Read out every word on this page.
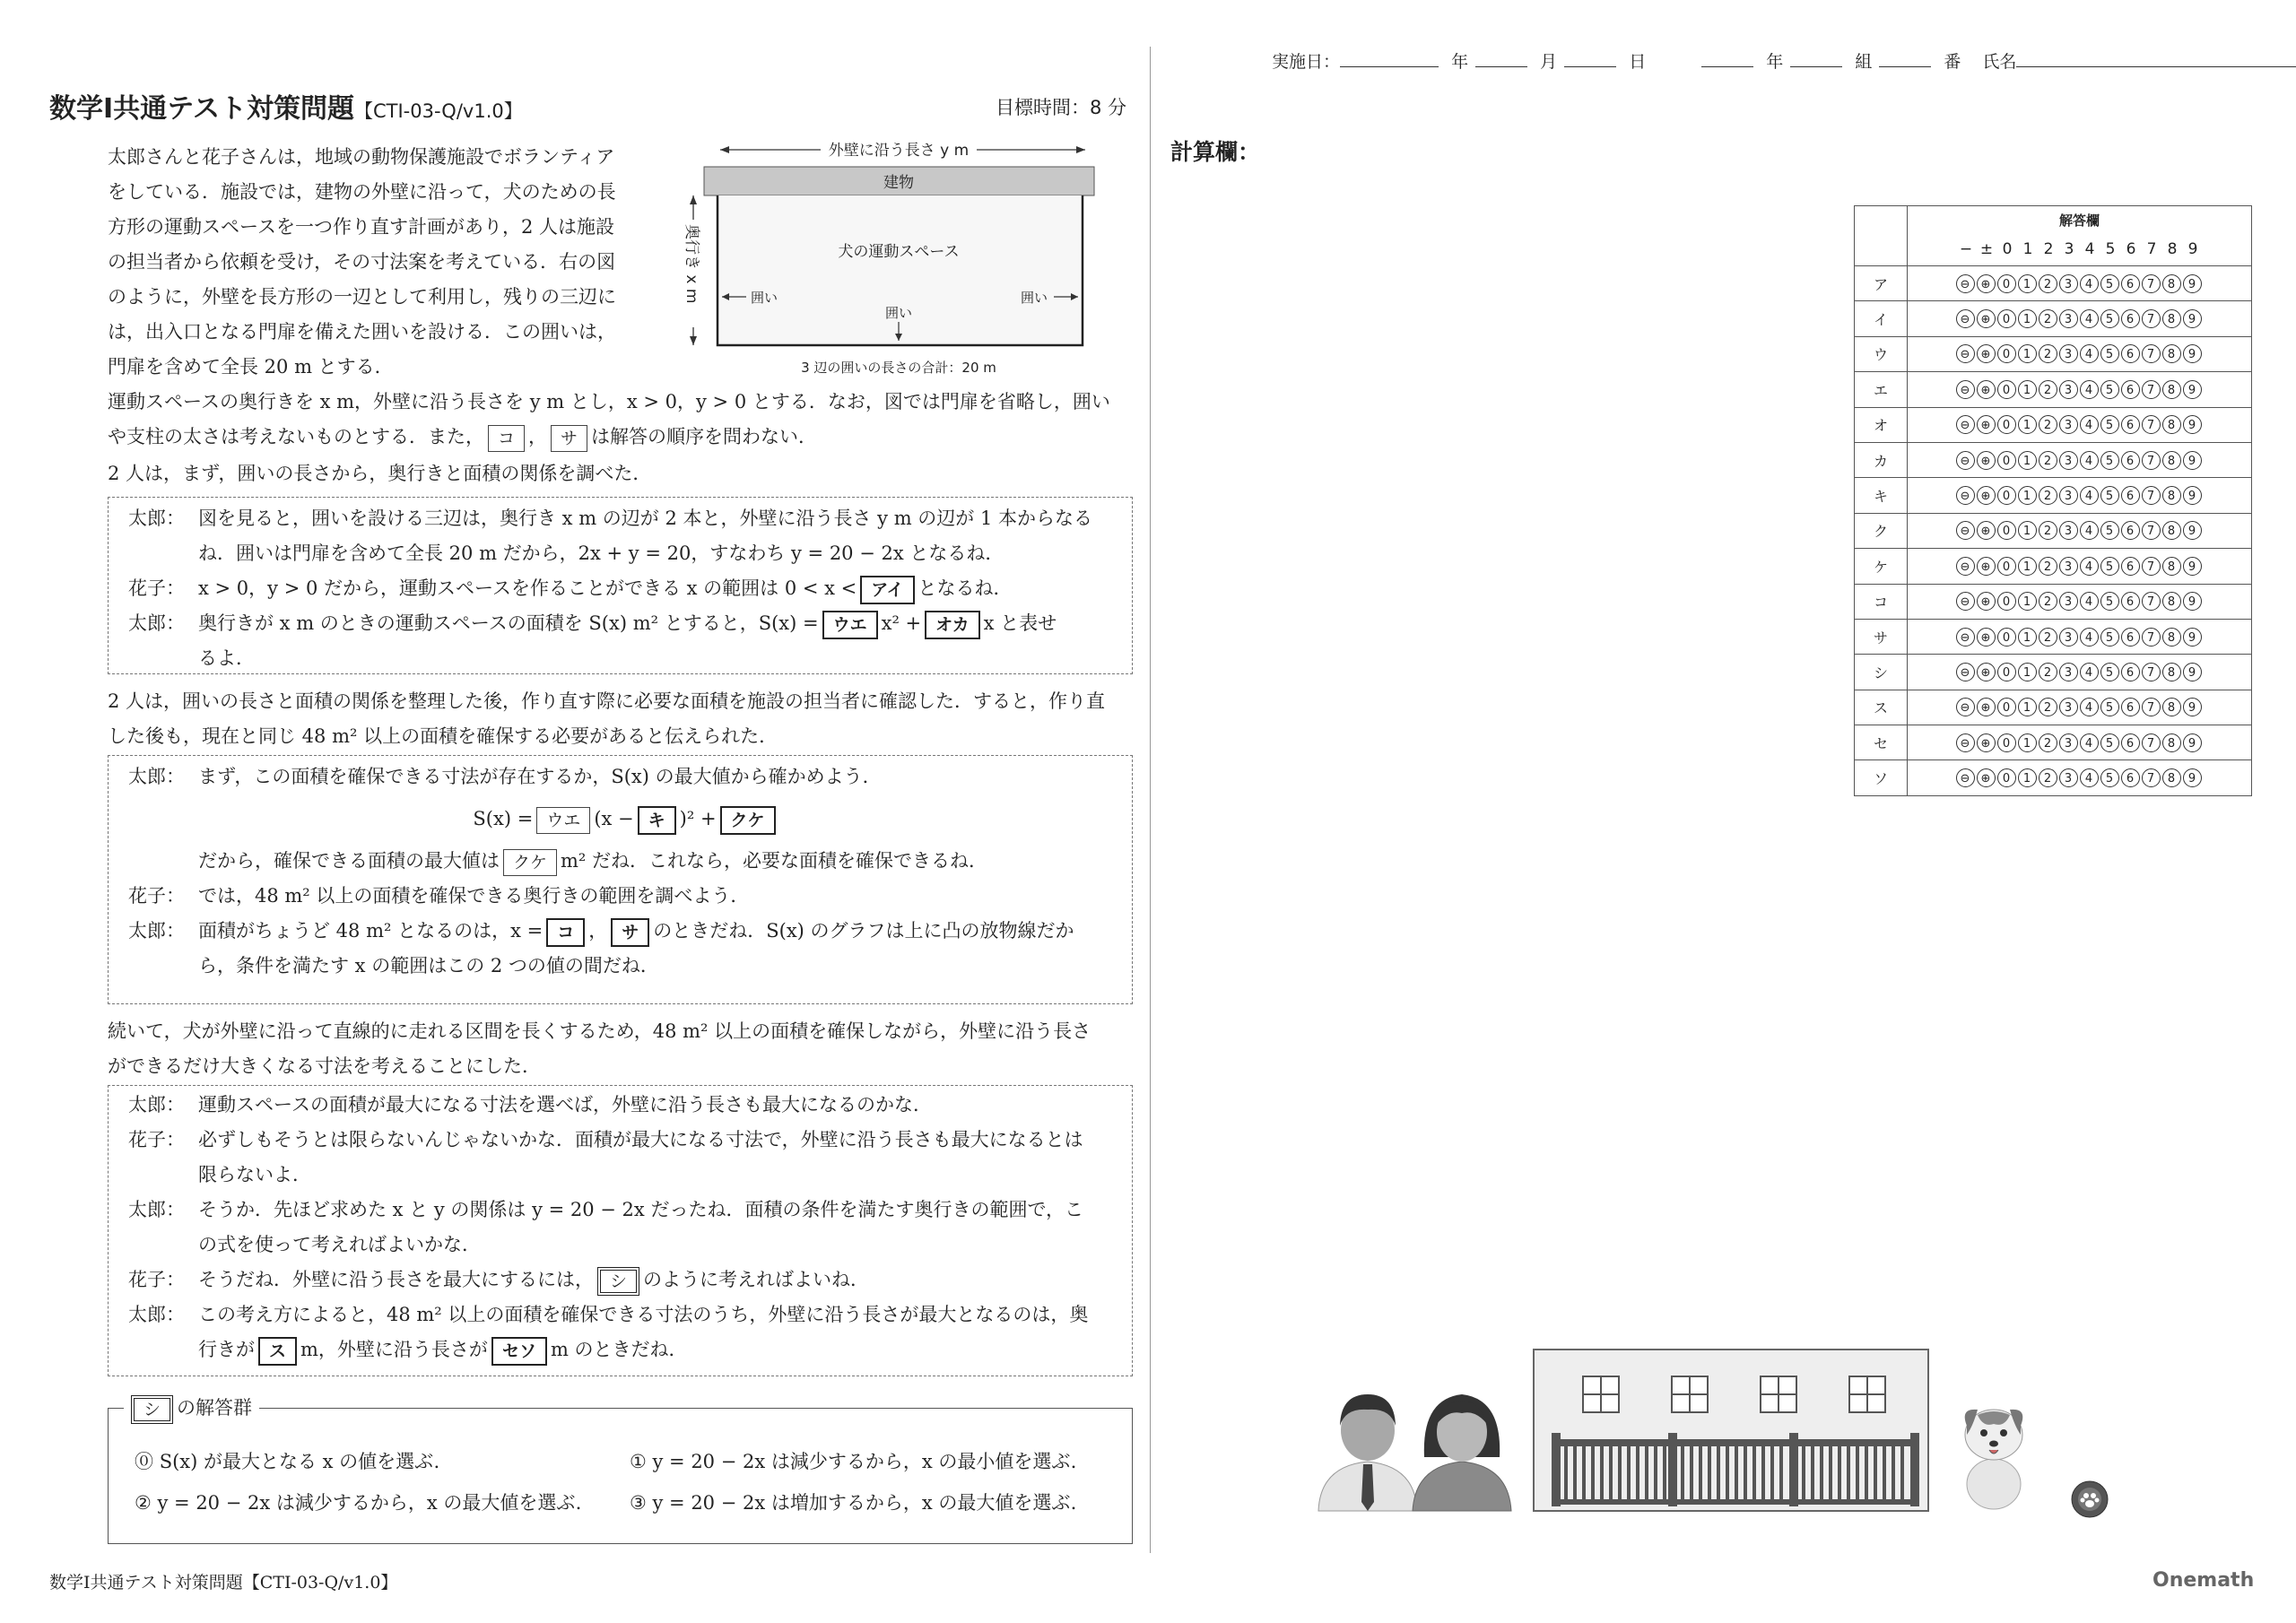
実施日：	年	月	日	年	組	番 氏名
数学Ⅰ共通テスト対策問題【CTI-03-Q/v1.0】	目標時間：8 分
太郎さんと花子さんは，地域の動物保護施設でボランティア
をしている．施設では，建物の外壁に沿って，犬のための長
方形の運動スペースを一つ作り直す計画があり，2 人は施設
の担当者から依頼を受け，その寸法案を考えている．右の図
のように，外壁を長方形の一辺として利用し，残りの三辺に
は，出入口となる門扉を備えた囲いを設ける．この囲いは，
門扉を含めて全長 20 m とする．
外壁に沿う長さ y m
建物
犬の運動スペース
奥行き x m	囲い
囲い
囲い
3 辺の囲いの長さの合計：20 m
運動スペースの奥行きを x m，外壁に沿う長さを y m とし，x > 0，y > 0 とする．なお，図では門扉を省略し，囲い
や支柱の太さは考えないものとする．また， コ ， サ は解答の順序を問わない．
2 人は，まず，囲いの長さから，奥行きと面積の関係を調べた．
太郎： 図を見ると，囲いを設ける三辺は，奥行き x m の辺が 2 本と，外壁に沿う長さ y m の辺が 1 本からなる
ね．囲いは門扉を含めて全長 20 m だから，2x + y = 20，すなわち y = 20 − 2x となるね．
花子： x > 0，y > 0 だから，運動スペースを作ることができる x の範囲は 0 < x < アイ となるね．
太郎： 奥行きが x m のときの運動スペースの面積を S(x) m² とすると，S(x) = ウエ x² + オカ x と表せ
るよ．
2 人は，囲いの長さと面積の関係を整理した後，作り直す際に必要な面積を施設の担当者に確認した．すると，作り直
した後も，現在と同じ 48 m² 以上の面積を確保する必要があると伝えられた．
太郎： まず，この面積を確保できる寸法が存在するか，S(x) の最大値から確かめよう．
S(x) = ウエ (x − キ )² + クケ
だから，確保できる面積の最大値は クケ m² だね．これなら，必要な面積を確保できるね．
花子： では，48 m² 以上の面積を確保できる奥行きの範囲を調べよう．
太郎： 面積がちょうど 48 m² となるのは，x = コ ， サ のときだね．S(x) のグラフは上に凸の放物線だか
ら，条件を満たす x の範囲はこの 2 つの値の間だね．
続いて，犬が外壁に沿って直線的に走れる区間を長くするため，48 m² 以上の面積を確保しながら，外壁に沿う長さ
ができるだけ大きくなる寸法を考えることにした．
太郎： 運動スペースの面積が最大になる寸法を選べば，外壁に沿う長さも最大になるのかな．
花子： 必ずしもそうとは限らないんじゃないかな．面積が最大になる寸法で，外壁に沿う長さも最大になるとは
限らないよ．
太郎： そうか．先ほど求めた x と y の関係は y = 20 − 2x だったね．面積の条件を満たす奥行きの範囲で，こ
の式を使って考えればよいかな．
花子： そうだね．外壁に沿う長さを最大にするには， シ のように考えればよいね．
太郎： この考え方によると，48 m² 以上の面積を確保できる寸法のうち，外壁に沿う長さが最大となるのは，奥
行きが ス m，外壁に沿う長さが セソ m のときだね．
シ の解答群
⓪ S(x) が最大となる x の値を選ぶ．	① y = 20 − 2x は減少するから，x の最小値を選ぶ．
② y = 20 − 2x は減少するから，x の最大値を選ぶ． ③ y = 20 − 2x は増加するから，x の最大値を選ぶ．
計算欄：
	解答欄
	− ± 0 1 2 3 4 5 6 7 8 9
ア	⊖ ⊕ 0 1 2 3 4 5 6 7 8 9
イ	⊖ ⊕ 0 1 2 3 4 5 6 7 8 9
ウ	⊖ ⊕ 0 1 2 3 4 5 6 7 8 9
エ	⊖ ⊕ 0 1 2 3 4 5 6 7 8 9
オ	⊖ ⊕ 0 1 2 3 4 5 6 7 8 9
カ	⊖ ⊕ 0 1 2 3 4 5 6 7 8 9
キ	⊖ ⊕ 0 1 2 3 4 5 6 7 8 9
ク	⊖ ⊕ 0 1 2 3 4 5 6 7 8 9
ケ	⊖ ⊕ 0 1 2 3 4 5 6 7 8 9
コ	⊖ ⊕ 0 1 2 3 4 5 6 7 8 9
サ	⊖ ⊕ 0 1 2 3 4 5 6 7 8 9
シ	⊖ ⊕ 0 1 2 3 4 5 6 7 8 9
ス	⊖ ⊕ 0 1 2 3 4 5 6 7 8 9
セ	⊖ ⊕ 0 1 2 3 4 5 6 7 8 9
ソ	⊖ ⊕ 0 1 2 3 4 5 6 7 8 9
数学Ⅰ共通テスト対策問題【CTI-03-Q/v1.0】	Onemath
